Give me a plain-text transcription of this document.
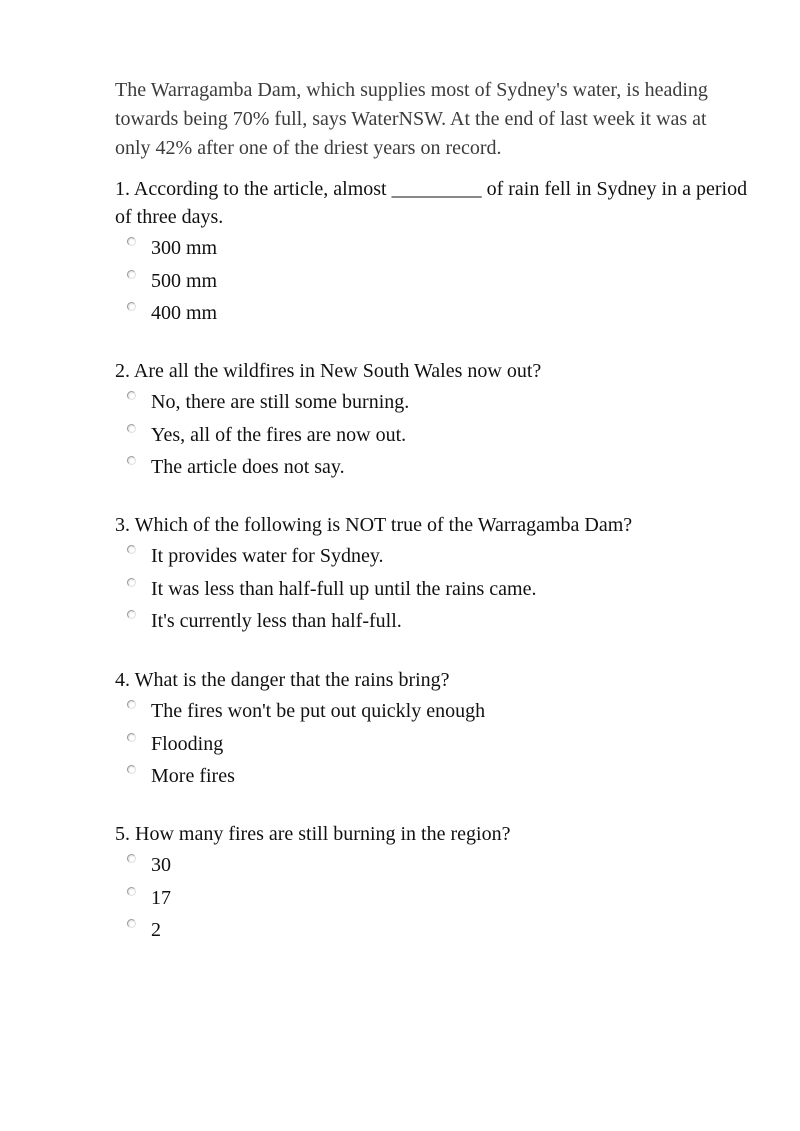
The Warragamba Dam, which supplies most of Sydney's water, is heading towards being 70% full, says WaterNSW. At the end of last week it was at only 42% after one of the driest years on record.

1. According to the article, almost _________ of rain fell in Sydney in a period of three days.

300 mm
500 mm
400 mm

2. Are all the wildfires in New South Wales now out?

No, there are still some burning.
Yes, all of the fires are now out.
The article does not say.

3. Which of the following is NOT true of the Warragamba Dam?

It provides water for Sydney.
It was less than half-full up until the rains came.
It's currently less than half-full.

4. What is the danger that the rains bring?

The fires won't be put out quickly enough
Flooding
More fires

5. How many fires are still burning in the region?

30
17
2
